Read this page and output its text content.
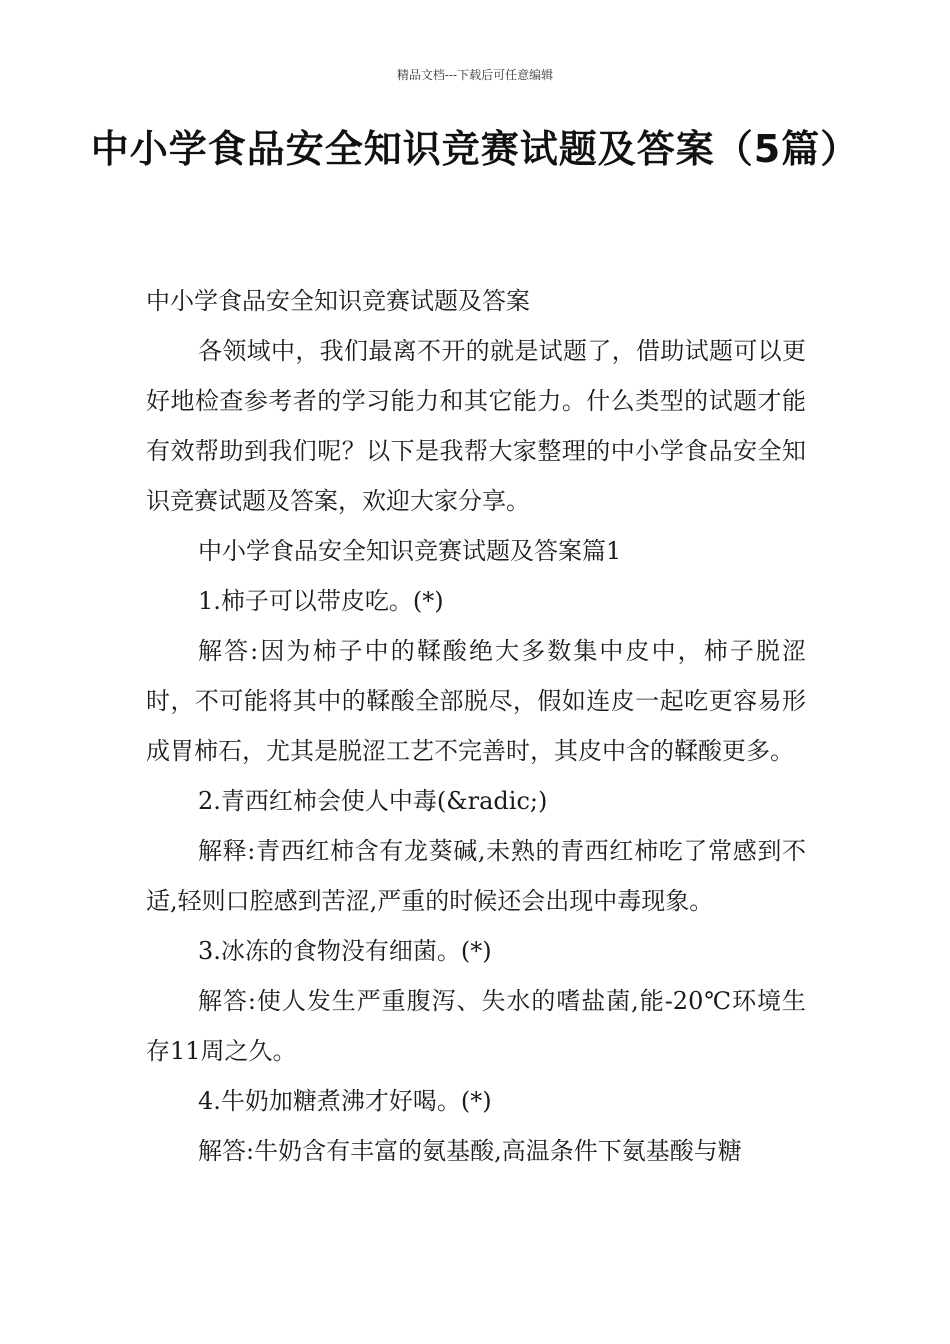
精品文档---下载后可任意编辑
中小学食品安全知识竞赛试题及答案（5篇）

中小学食品安全知识竞赛试题及答案

各领域中，我们最离不开的就是试题了，借助试题可以更好地检查参考者的学习能力和其它能力。什么类型的试题才能有效帮助到我们呢？以下是我帮大家整理的中小学食品安全知识竞赛试题及答案，欢迎大家分享。

中小学食品安全知识竞赛试题及答案篇1

1.柿子可以带皮吃。(*)

解答:因为柿子中的鞣酸绝大多数集中皮中，柿子脱涩时，不可能将其中的鞣酸全部脱尽，假如连皮一起吃更容易形成胃柿石，尤其是脱涩工艺不完善时，其皮中含的鞣酸更多。

2.青西红柿会使人中毒(&radic;)

解释:青西红柿含有龙葵碱,未熟的青西红柿吃了常感到不适,轻则口腔感到苦涩,严重的时候还会出现中毒现象。

3.冰冻的食物没有细菌。(*)

解答:使人发生严重腹泻、失水的嗜盐菌,能-20℃环境生存11周之久。

4.牛奶加糖煮沸才好喝。(*)

解答:牛奶含有丰富的氨基酸,高温条件下氨基酸与糖
